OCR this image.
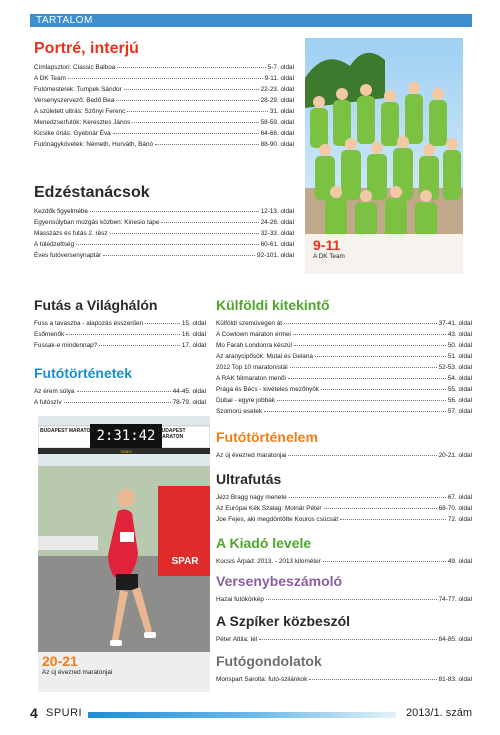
TARTALOM
Portré, interjú
Címlapsztori: Classic Balboa	5-7. oldal
A DK Team	9-11. oldal
Futómesterek: Tumpek Sándor	22-23. oldal
Versenyszervező: Bedő Bea	28-29. oldal
A született ultrás: Szőnyi Ferenc	31. oldal
Menedzserfutók: Keresztes János	58-59. oldal
Kicsike óriás: Gyebnár Éva	64-66. oldal
Futónagykövetek: Németh, Horváth, Bánó	88-90. oldal
Edzéstanácsok
Kezdők figyelmébe	12-13. oldal
Egyensúlyban mozgás közben: Kinesio tape	24-26. oldal
Masszázs és futás 2. rész	32-33. oldal
A túledzettség	60-61. oldal
Éves futóversenynaptár	92-101. oldal
9-11
A DK Team
Futás a Világhálón
Fuss a tavaszba - alapozás ésszerűen	15. oldal
Esőmenők	16. oldal
Fussak-e mindennap?	17. oldal
Futótörténetek
Az érem súlya	44-45. oldal
A futószív	78-79. oldal
BUDAPEST MARATON	BUDAPEST MARATON
2:31:42
TIMEX
SPAR
20-21
Az új évezred maratonjai
Külföldi kitekintő
Külföldi szemüvegen át	37-41. oldal
A Cowtown maraton érmei	43. oldal
Mo Farah Londonra készül	50. oldal
Az aranycipősök: Mutai és Gelana	51. oldal
2012 Top 10 maratonistái	52-53. oldal
A RAK félmaraton menői	54. oldal
Prága és Bécs - kivételes mezőnyök	55. oldal
Dubai - egyre jobbak	56. oldal
Szomorú esetek	57. oldal
Futótörténelem
Az új évezred maratonjai	20-21. oldal
Ultrafutás
Jezz Bragg nagy menete	67. oldal
Az Európai Kék Szalag: Molnár Péter	68-70. oldal
Joe Fejes, aki megdöntötte Kouros csúcsát	72. oldal
A Kiadó levele
Kocsis Árpád: 2013. - 2013 kilométer	49. oldal
Versenybeszámoló
Hazai futókörkép	74-77. oldal
A Szpíker közbeszól
Péter Attila: tél	84-85. oldal
Futógondolatok
Monspart Sarolta: futó-szilánkok	81-83. oldal
4 SPURI	2013/1. szám
